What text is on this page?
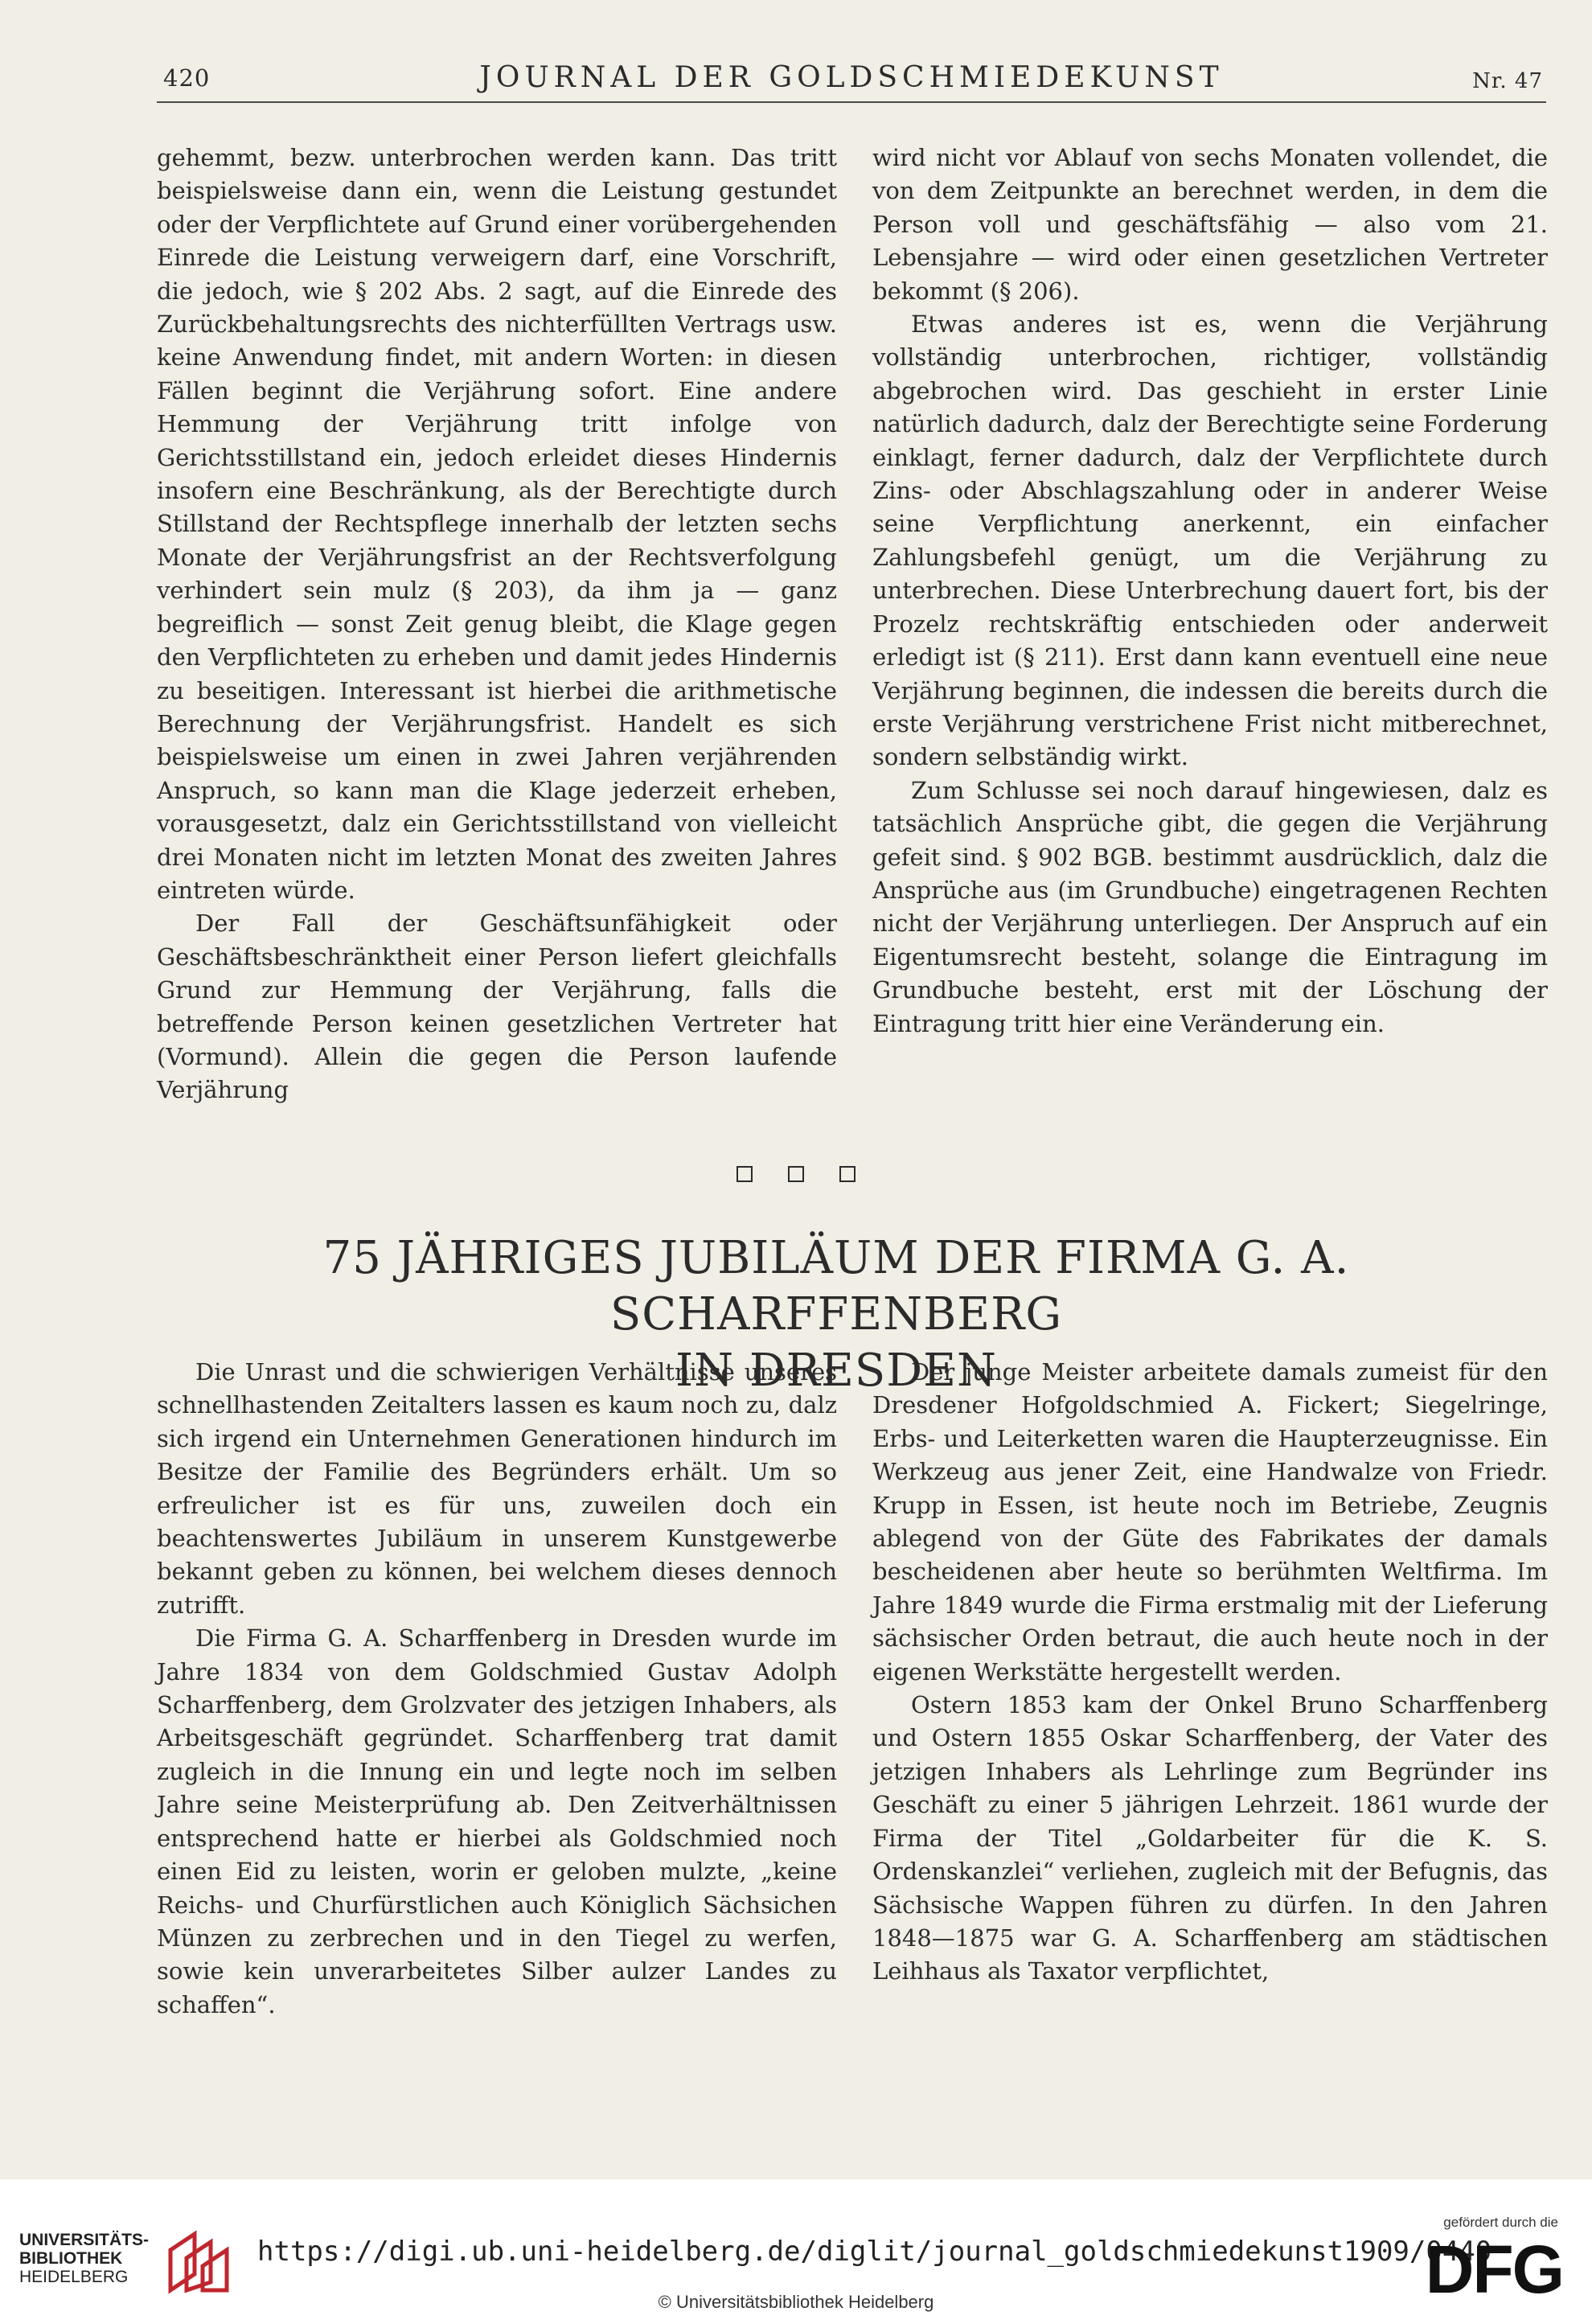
420	JOURNAL DER GOLDSCHMIEDEKUNST	Nr. 47

gehemmt, bezw. unterbrochen werden kann. Das tritt beispielsweise dann ein, wenn die Leistung gestundet oder der Verpflichtete auf Grund einer vorübergehenden Einrede die Leistung verweigern darf, eine Vorschrift, die jedoch, wie § 202 Abs. 2 sagt, auf die Einrede des Zurückbehaltungsrechts des nichterfüllten Vertrags usw. keine Anwendung findet, mit andern Worten: in diesen Fällen beginnt die Verjährung sofort. Eine andere Hemmung der Verjährung tritt infolge von Gerichtsstillstand ein, jedoch erleidet dieses Hindernis insofern eine Beschränkung, als der Berechtigte durch Stillstand der Rechtspflege innerhalb der letzten sechs Monate der Verjährungsfrist an der Rechtsverfolgung verhindert sein mulz (§ 203), da ihm ja — ganz begreiflich — sonst Zeit genug bleibt, die Klage gegen den Verpflichteten zu erheben und damit jedes Hindernis zu beseitigen. Interessant ist hierbei die arithmetische Berechnung der Verjährungsfrist. Handelt es sich beispielsweise um einen in zwei Jahren verjährenden Anspruch, so kann man die Klage jederzeit erheben, vorausgesetzt, dalz ein Gerichtsstillstand von vielleicht drei Monaten nicht im letzten Monat des zweiten Jahres eintreten würde.

Der Fall der Geschäftsunfähigkeit oder Geschäftsbeschränktheit einer Person liefert gleichfalls Grund zur Hemmung der Verjährung, falls die betreffende Person keinen gesetzlichen Vertreter hat (Vormund). Allein die gegen die Person laufende Verjährung

wird nicht vor Ablauf von sechs Monaten vollendet, die von dem Zeitpunkte an berechnet werden, in dem die Person voll und geschäftsfähig — also vom 21. Lebensjahre — wird oder einen gesetzlichen Vertreter bekommt (§ 206).

Etwas anderes ist es, wenn die Verjährung vollständig unterbrochen, richtiger, vollständig abgebrochen wird. Das geschieht in erster Linie natürlich dadurch, dalz der Berechtigte seine Forderung einklagt, ferner dadurch, dalz der Verpflichtete durch Zins- oder Abschlagszahlung oder in anderer Weise seine Verpflichtung anerkennt, ein einfacher Zahlungsbefehl genügt, um die Verjährung zu unterbrechen. Diese Unterbrechung dauert fort, bis der Prozelz rechtskräftig entschieden oder anderweit erledigt ist (§ 211). Erst dann kann eventuell eine neue Verjährung beginnen, die indessen die bereits durch die erste Verjährung verstrichene Frist nicht mitberechnet, sondern selbständig wirkt.

Zum Schlusse sei noch darauf hingewiesen, dalz es tatsächlich Ansprüche gibt, die gegen die Verjährung gefeit sind. § 902 BGB. bestimmt ausdrücklich, dalz die Ansprüche aus (im Grundbuche) eingetragenen Rechten nicht der Verjährung unterliegen. Der Anspruch auf ein Eigentumsrecht besteht, solange die Eintragung im Grundbuche besteht, erst mit der Löschung der Eintragung tritt hier eine Veränderung ein.

75 JÄHRIGES JUBILÄUM DER FIRMA G. A. SCHARFFENBERG
IN DRESDEN

Die Unrast und die schwierigen Verhältnisse unseres schnellhastenden Zeitalters lassen es kaum noch zu, dalz sich irgend ein Unternehmen Generationen hindurch im Besitze der Familie des Begründers erhält. Um so erfreulicher ist es für uns, zuweilen doch ein beachtenswertes Jubiläum in unserem Kunstgewerbe bekannt geben zu können, bei welchem dieses dennoch zutrifft.

Die Firma G. A. Scharffenberg in Dresden wurde im Jahre 1834 von dem Goldschmied Gustav Adolph Scharffenberg, dem Grolzvater des jetzigen Inhabers, als Arbeitsgeschäft gegründet. Scharffenberg trat damit zugleich in die Innung ein und legte noch im selben Jahre seine Meisterprüfung ab. Den Zeitverhältnissen entsprechend hatte er hierbei als Goldschmied noch einen Eid zu leisten, worin er geloben mulzte, „keine Reichs- und Churfürstlichen auch Königlich Sächsichen Münzen zu zerbrechen und in den Tiegel zu werfen, sowie kein unverarbeitetes Silber aulzer Landes zu schaffen“.

Der junge Meister arbeitete damals zumeist für den Dresdener Hofgoldschmied A. Fickert; Siegelringe, Erbs- und Leiterketten waren die Haupterzeugnisse. Ein Werkzeug aus jener Zeit, eine Handwalze von Friedr. Krupp in Essen, ist heute noch im Betriebe, Zeugnis ablegend von der Güte des Fabrikates der damals bescheidenen aber heute so berühmten Weltfirma. Im Jahre 1849 wurde die Firma erstmalig mit der Lieferung sächsischer Orden betraut, die auch heute noch in der eigenen Werkstätte hergestellt werden.

Ostern 1853 kam der Onkel Bruno Scharffenberg und Ostern 1855 Oskar Scharffenberg, der Vater des jetzigen Inhabers als Lehrlinge zum Begründer ins Geschäft zu einer 5 jährigen Lehrzeit. 1861 wurde der Firma der Titel „Goldarbeiter für die K. S. Ordenskanzlei“ verliehen, zugleich mit der Befugnis, das Sächsische Wappen führen zu dürfen. In den Jahren 1848—1875 war G. A. Scharffenberg am städtischen Leihhaus als Taxator verpflichtet,

UNIVERSITÄTS-
BIBLIOTHEK
HEIDELBERG
https://digi.ub.uni-heidelberg.de/diglit/journal_goldschmiedekunst1909/0440
© Universitätsbibliothek Heidelberg
gefördert durch die
DFG
